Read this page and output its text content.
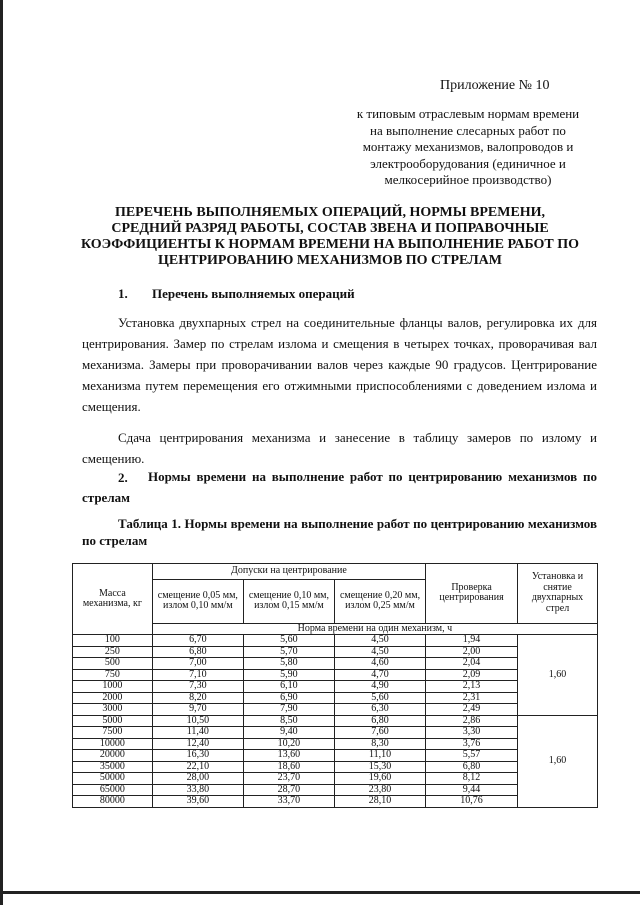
Приложение № 10
к типовым отраслевым нормам времени на выполнение слесарных работ по монтажу механизмов, валопроводов и электрооборудования (единичное и мелкосерийное производство)
ПЕРЕЧЕНЬ ВЫПОЛНЯЕМЫХ ОПЕРАЦИЙ, НОРМЫ ВРЕМЕНИ, СРЕДНИЙ РАЗРЯД РАБОТЫ, СОСТАВ ЗВЕНА И ПОПРАВОЧНЫЕ КОЭФФИЦИЕНТЫ К НОРМАМ ВРЕМЕНИ НА ВЫПОЛНЕНИЕ РАБОТ ПО ЦЕНТРИРОВАНИЮ МЕХАНИЗМОВ ПО СТРЕЛАМ
1. Перечень выполняемых операций
Установка двухпарных стрел на соединительные фланцы валов, регулировка их для центрирования. Замер по стрелам излома и смещения в четырех точках, проворачивая вал механизма. Замеры при проворачивании валов через каждые 90 градусов. Центрирование механизма путем перемещения его отжимными приспособлениями с доведением излома и смещения.
Сдача центрирования механизма и занесение в таблицу замеров по излому и смещению.
2.	Нормы времени на выполнение работ по центрированию механизмов по стрелам
Таблица 1. Нормы времени на выполнение работ по центрированию механизмов по стрелам
Масса механизма, кг	Допуски на центрирование			Проверка центрирования	Установка и снятие двухпарных стрел
	смещение 0,05 мм, излом 0,10 мм/м	смещение 0,10 мм, излом 0,15 мм/м	смещение 0,20 мм, излом 0,25 мм/м		
	Норма времени на один механизм, ч				
100	6,70	5,60	4,50	1,94	1,60
250	6,80	5,70	4,50	2,00	
500	7,00	5,80	4,60	2,04	
750	7,10	5,90	4,70	2,09	
1000	7,30	6,10	4,90	2,13	
2000	8,20	6,90	5,60	2,31	
3000	9,70	7,90	6,30	2,49	
5000	10,50	8,50	6,80	2,86	1,60
7500	11,40	9,40	7,60	3,30	
10000	12,40	10,20	8,30	3,76	
20000	16,30	13,60	11,10	5,57	
35000	22,10	18,60	15,30	6,80	
50000	28,00	23,70	19,60	8,12	
65000	33,80	28,70	23,80	9,44	
80000	39,60	33,70	28,10	10,76	
